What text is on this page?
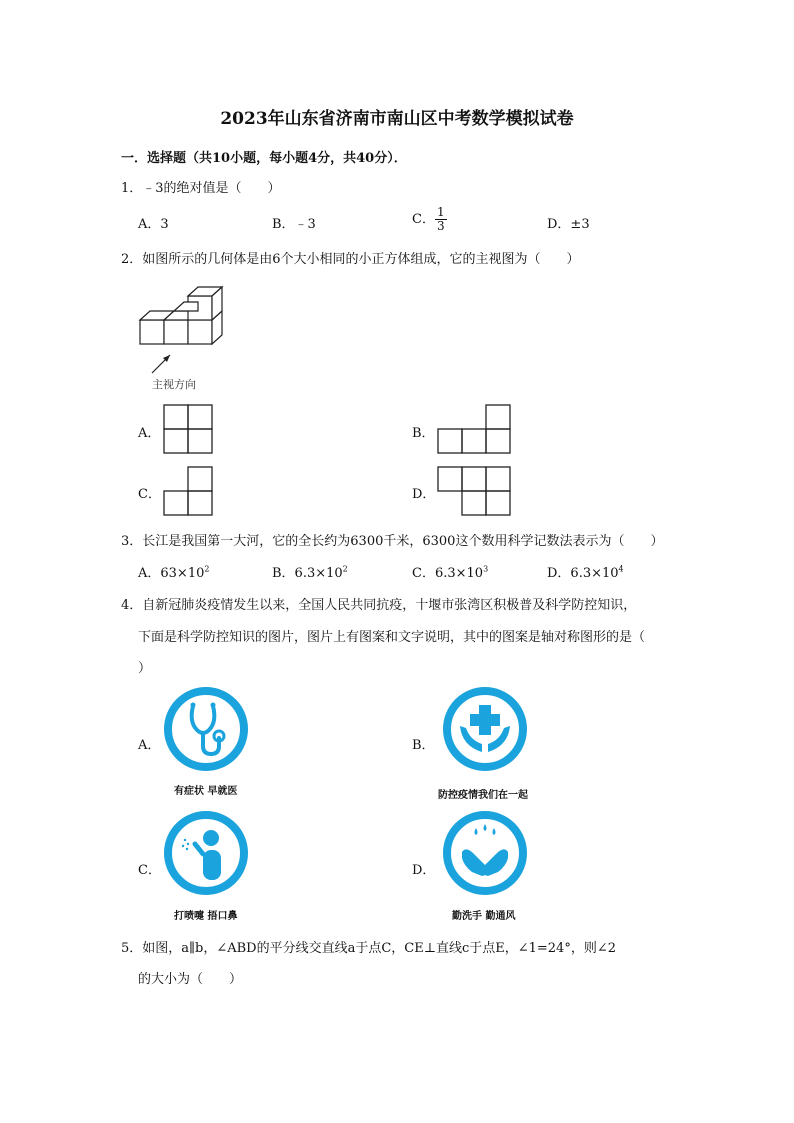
2023年山东省济南市南山区中考数学模拟试卷
一．选择题（共10小题，每小题4分，共40分）．
1．﹣3的绝对值是（　　）
A．3	B．﹣3	C． $\frac{1}{3}$	D．±3
2．如图所示的几何体是由6个大小相同的小正方体组成，它的主视图为（　　）
主视方向
A．	B．
C．	D．
3．长江是我国第一大河，它的全长约为6300千米，6300这个数用科学记数法表示为（　　）
A．$63\times 10^2$	B．$6.3\times 10^2$	C．$6.3\times 10^3$	D．$6.3\times 10^4$
4．自新冠肺炎疫情发生以来，全国人民共同抗疫，十堰市张湾区积极普及科学防控知识，
下面是科学防控知识的图片，图片上有图案和文字说明，其中的图案是轴对称图形的是（
）
A．
有症状 早就医
B．
防控疫情我们在一起
C．
打喷嚏 捂口鼻
D．
勤洗手 勤通风
5．如图，a∥b，∠ABD的平分线交直线a于点C，CE⊥直线c于点E，∠1=24°，则∠2
的大小为（　　）
